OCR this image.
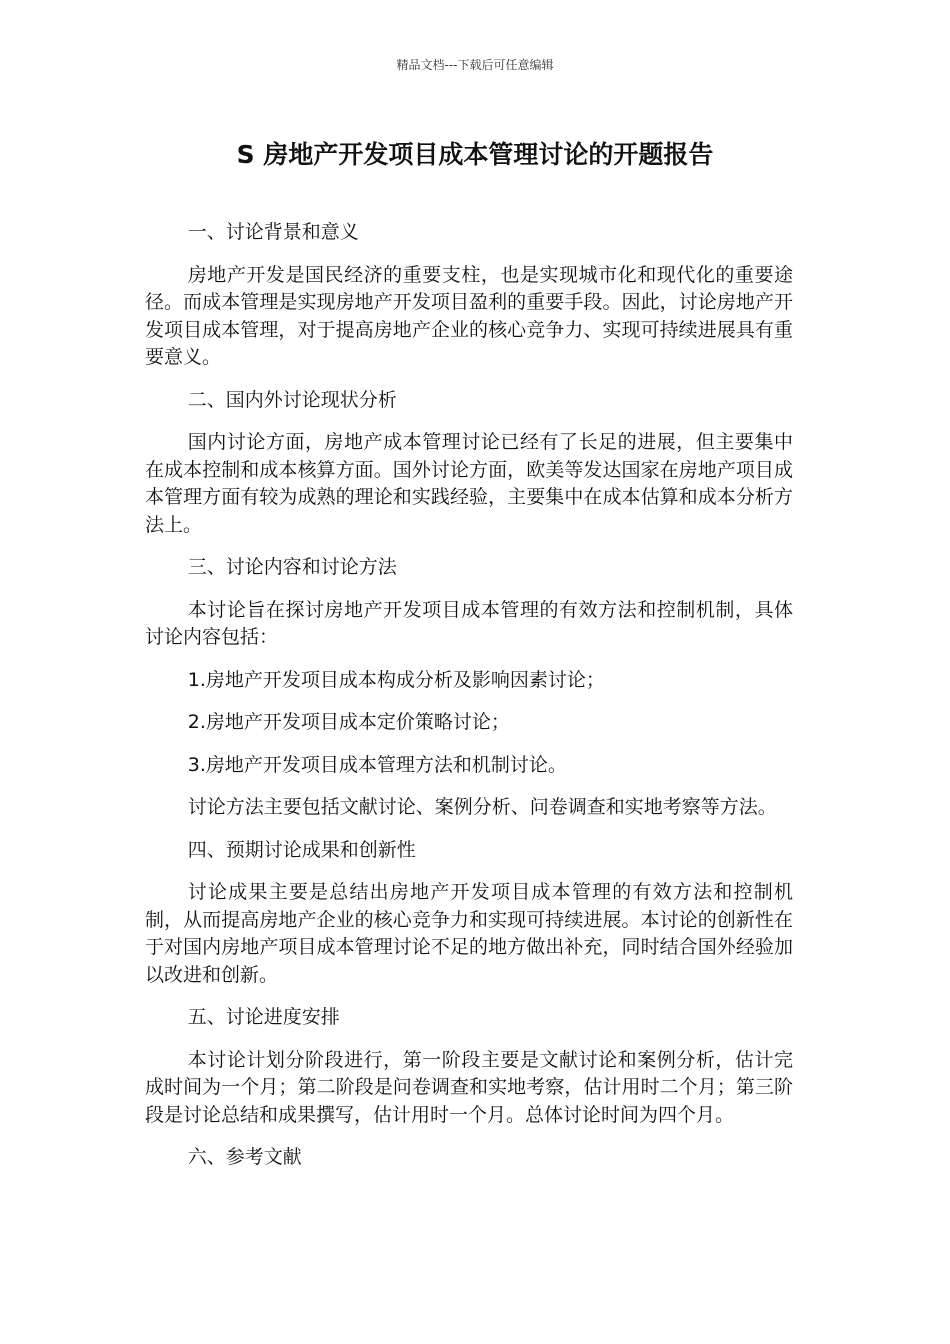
精品文档---下载后可任意编辑
S 房地产开发项目成本管理讨论的开题报告

一、讨论背景和意义

房地产开发是国民经济的重要支柱，也是实现城市化和现代化的重要途径。而成本管理是实现房地产开发项目盈利的重要手段。因此，讨论房地产开发项目成本管理，对于提高房地产企业的核心竞争力、实现可持续进展具有重要意义。

二、国内外讨论现状分析

国内讨论方面，房地产成本管理讨论已经有了长足的进展，但主要集中在成本控制和成本核算方面。国外讨论方面，欧美等发达国家在房地产项目成本管理方面有较为成熟的理论和实践经验，主要集中在成本估算和成本分析方法上。

三、讨论内容和讨论方法

本讨论旨在探讨房地产开发项目成本管理的有效方法和控制机制，具体讨论内容包括：

1.房地产开发项目成本构成分析及影响因素讨论；

2.房地产开发项目成本定价策略讨论；

3.房地产开发项目成本管理方法和机制讨论。

讨论方法主要包括文献讨论、案例分析、问卷调查和实地考察等方法。

四、预期讨论成果和创新性

讨论成果主要是总结出房地产开发项目成本管理的有效方法和控制机制，从而提高房地产企业的核心竞争力和实现可持续进展。本讨论的创新性在于对国内房地产项目成本管理讨论不足的地方做出补充，同时结合国外经验加以改进和创新。

五、讨论进度安排

本讨论计划分阶段进行，第一阶段主要是文献讨论和案例分析，估计完成时间为一个月；第二阶段是问卷调查和实地考察，估计用时二个月；第三阶段是讨论总结和成果撰写，估计用时一个月。总体讨论时间为四个月。

六、参考文献
